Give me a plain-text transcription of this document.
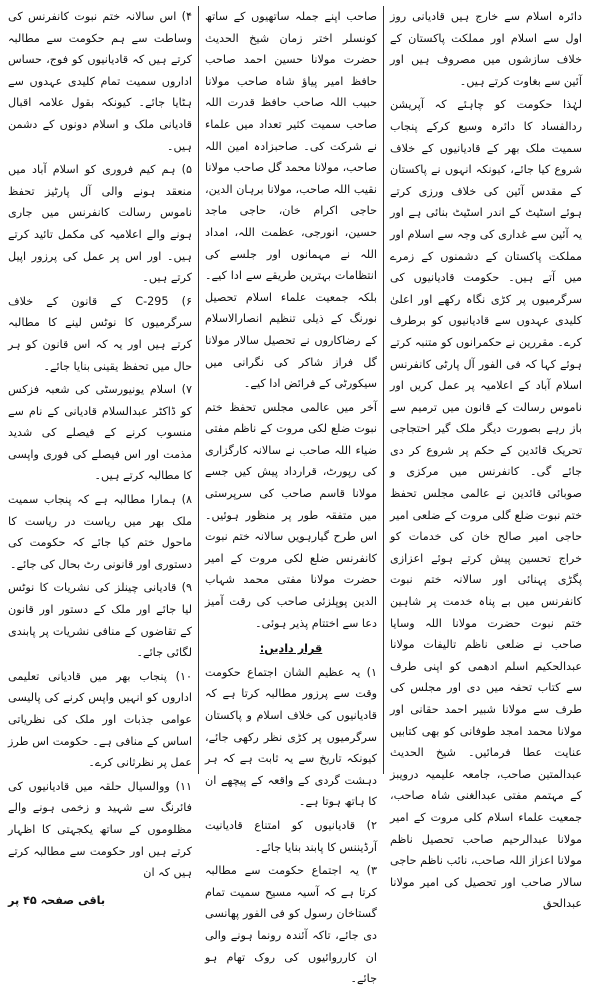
دائرہ اسلام سے خارج ہیں قادیانی روز اول سے اسلام اور مملکت پاکستان کے خلاف سازشوں میں مصروف ہیں اور آئین سے بغاوت کرتے ہیں۔

لہٰذا حکومت کو چاہئے کہ آپریشن ردالفساد کا دائرہ وسیع کرکے پنجاب سمیت ملک بھر کے قادیانیوں کے خلاف شروع کیا جائے، کیونکہ انہوں نے پاکستان کے مقدس آئین کی خلاف ورزی کرتے ہوئے اسٹیٹ کے اندر اسٹیٹ بنائی ہے اور یہ آئین سے غداری کی وجہ سے اسلام اور مملکت پاکستان کے دشمنوں کے زمرے میں آتے ہیں۔ حکومت قادیانیوں کی سرگرمیوں پر کڑی نگاہ رکھے اور اعلیٰ کلیدی عہدوں سے قادیانیوں کو برطرف کرے۔ مقررین نے حکمرانوں کو متنبہ کرتے ہوئے کہا کہ فی الفور آل پارٹی کانفرنس اسلام آباد کے اعلامیہ پر عمل کریں اور ناموس رسالت کے قانون میں ترمیم سے باز رہے بصورت دیگر ملک گیر احتجاجی تحریک قائدین کے حکم پر شروع کر دی جائے گی۔ کانفرنس میں مرکزی و صوبائی قائدین نے عالمی مجلس تحفظ ختم نبوت ضلع گلی مروت کے ضلعی امیر حاجی امیر صالح خان کی خدمات کو خراج تحسین پیش کرتے ہوئے اعزازی پگڑی پہنائی اور سالانہ ختم نبوت کانفرنس میں بے پناہ خدمت پر شاہین ختم نبوت حضرت مولانا اللہ وسایا صاحب نے ضلعی ناظم تالیفات مولانا عبدالحکیم اسلم ادھمی کو اپنی طرف سے کتاب تحفہ میں دی اور مجلس کی طرف سے مولانا شبیر احمد حقانی اور مولانا محمد امجد طوفانی کو بھی کتابیں عنایت عطا فرمائیں۔ شیخ الحدیث عبدالمتین صاحب، جامعہ علیمیہ درویبز کے مہتمم مفتی عبدالغنی شاہ صاحب، جمعیت علماء اسلام کلی مروت کے امیر مولانا عبدالرحیم صاحب تحصیل ناظم مولانا اعزاز اللہ صاحب، نائب ناظم حاجی سالار صاحب اور تحصیل کی امیر مولانا عبدالحق

صاحب اپنے جملہ ساتھیوں کے ساتھ کونسلر اختر زمان شیخ الحدیث حضرت مولانا حسین احمد صاحب حافظ امیر پیاؤ شاہ صاحب مولانا حبیب اللہ صاحب حافظ قدرت اللہ صاحب سمیت کثیر تعداد میں علماء نے شرکت کی۔ صاحبزادہ امین اللہ صاحب، مولانا محمد گل صاحب مولانا نقیب اللہ صاحب، مولانا برہان الدین، حاجی اکرام خان، حاجی ماجد حسین، انورجی، عظمت اللہ، امداد اللہ نے مہمانوں اور جلسے کی انتظامات بہترین طریقے سے ادا کیے۔ بلکہ جمعیت علماء اسلام تحصیل نورنگ کے ذیلی تنظیم انصارالاسلام کے رضاکاروں نے تحصیل سالار مولانا گل فراز شاکر کی نگرانی میں سیکورٹی کے فرائض ادا کیے۔

آخر میں عالمی مجلس تحفظ ختم نبوت ضلع لکی مروت کے ناظم مفتی ضیاء اللہ صاحب نے سالانہ کارگزاری کی رپورٹ، قرارداد پیش کیں جسے مولانا قاسم صاحب کی سرپرستی میں متفقہ طور پر منظور ہوئیں۔ اس طرح گیارہویں سالانہ ختم نبوت کانفرنس ضلع لکی مروت کے امیر حضرت مولانا مفتی محمد شہاب الدین پوپلزئی صاحب کی رقت آمیز دعا سے اختتام پذیر ہوئی۔

قرار دادیں:

۱) یہ عظیم الشان اجتماع حکومت وقت سے پرزور مطالبہ کرتا ہے کہ قادیانیوں کی خلاف اسلام و پاکستان سرگرمیوں پر کڑی نظر رکھی جائے، کیونکہ تاریخ سے یہ ثابت ہے کہ ہر دہشت گردی کے واقعہ کے پیچھے ان کا ہاتھ ہوتا ہے۔

۲) قادیانیوں کو امتناع قادیانیت آرڈیننس کا پابند بنایا جائے۔

۳) یہ اجتماع حکومت سے مطالبہ کرتا ہے کہ آسیہ مسیح سمیت تمام گستاخان رسول کو فی الفور پھانسی دی جائے، تاکہ آئندہ رونما ہونے والی ان کارروائیوں کی روک تھام ہو جائے۔

۴) اس سالانہ ختم نبوت کانفرنس کی وساطت سے ہم حکومت سے مطالبہ کرتے ہیں کہ قادیانیوں کو فوج، حساس اداروں سمیت تمام کلیدی عہدوں سے ہٹایا جائے۔ کیونکہ بقول علامہ اقبال قادیانی ملک و اسلام دونوں کے دشمن ہیں۔

۵) ہم کیم فروری کو اسلام آباد میں منعقد ہونے والی آل پارٹیز تحفظ ناموس رسالت کانفرنس میں جاری ہونے والے اعلامیہ کی مکمل تائید کرتے ہیں۔ اور اس پر عمل کی پرزور اپیل کرتے ہیں۔

۶) 295-C کے قانون کے خلاف سرگرمیوں کا نوٹس لینے کا مطالبہ کرتے ہیں اور یہ کہ اس قانون کو ہر حال میں تحفظ یقینی بنایا جائے۔

۷) اسلام یونیورسٹی کی شعبہ فزکس کو ڈاکٹر عبدالسلام قادیانی کے نام سے منسوب کرنے کے فیصلے کی شدید مذمت اور اس فیصلے کی فوری واپسی کا مطالبہ کرتے ہیں۔

۸) ہمارا مطالبہ ہے کہ پنجاب سمیت ملک بھر میں ریاست در ریاست کا ماحول ختم کیا جائے کہ حکومت کی دستوری اور قانونی رٹ بحال کی جائے۔

۹) قادیانی چینلز کی نشریات کا نوٹس لیا جائے اور ملک کے دستور اور قانون کے تقاضوں کے منافی نشریات پر پابندی لگائی جائے۔

۱۰) پنجاب بھر میں قادیانی تعلیمی اداروں کو انہیں واپس کرنے کی پالیسی عوامی جذبات اور ملک کی نظریاتی اساس کے منافی ہے۔ حکومت اس طرز عمل پر نظرثانی کرے۔

۱۱) ووالسیال حلقہ میں قادیانیوں کی فائرنگ سے شہید و زخمی ہونے والے مظلوموں کے ساتھ یکجہتی کا اظہار کرتے ہیں اور حکومت سے مطالبہ کرتے ہیں کہ ان

باقی صفحہ ۴۵ پر
